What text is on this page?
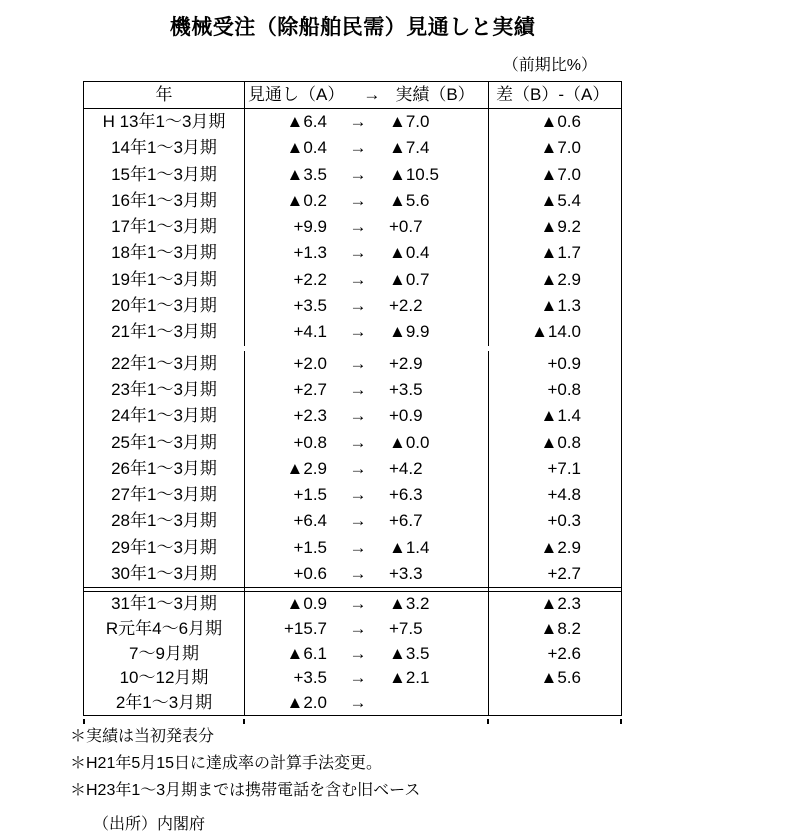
機械受注（除船舶民需）見通しと実績
（前期比%）
年	見通し（A） → 実績（B）	差（B）-（A）
H 13年1～3月期	▲6.4	→	▲7.0	▲0.6
14年1～3月期	▲0.4	→	▲7.4	▲7.0
15年1～3月期	▲3.5	→	▲10.5	▲7.0
16年1～3月期	▲0.2	→	▲5.6	▲5.4
17年1～3月期	+9.9	→	+0.7	▲9.2
18年1～3月期	+1.3	→	▲0.4	▲1.7
19年1～3月期	+2.2	→	▲0.7	▲2.9
20年1～3月期	+3.5	→	+2.2	▲1.3
21年1～3月期	+4.1	→	▲9.9	▲14.0
22年1～3月期	+2.0	→	+2.9	+0.9
23年1～3月期	+2.7	→	+3.5	+0.8
24年1～3月期	+2.3	→	+0.9	▲1.4
25年1～3月期	+0.8	→	▲0.0	▲0.8
26年1～3月期	▲2.9	→	+4.2	+7.1
27年1～3月期	+1.5	→	+6.3	+4.8
28年1～3月期	+6.4	→	+6.7	+0.3
29年1～3月期	+1.5	→	▲1.4	▲2.9
30年1～3月期	+0.6	→	+3.3	+2.7
31年1～3月期	▲0.9	→	▲3.2	▲2.3
R元年4～6月期	+15.7	→	+7.5	▲8.2
7～9月期	▲6.1	→	▲3.5	+2.6
10～12月期	+3.5	→	▲2.1	▲5.6
2年1～3月期	▲2.0	→
＊実績は当初発表分
＊H21年5月15日に達成率の計算手法変更。
＊H23年1～3月期までは携帯電話を含む旧ベース
（出所）内閣府
